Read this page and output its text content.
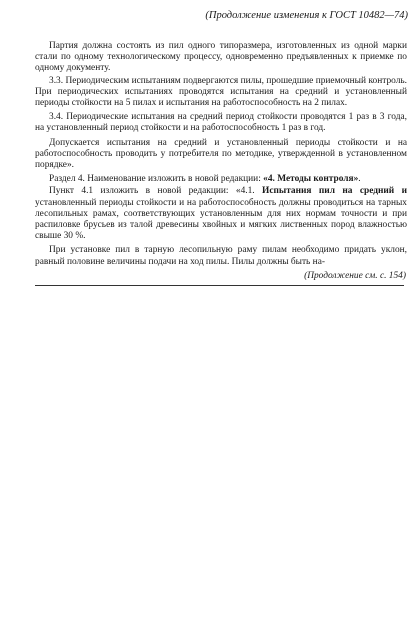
(Продолжение изменения к ГОСТ 10482—74)

Партия должна состоять из пил одного типоразмера, изготовленных из одной марки стали по одному технологическому процессу, одновременно предъявленных к приемке по одному документу.

3.3. Периодическим испытаниям подвергаются пилы, прошедшие приемочный контроль. При периодических испытаниях проводятся испытания на средний и установленный периоды стойкости на 5 пилах и испытания на работоспособность на 2 пилах.

3.4. Периодические испытания на средний период стойкости проводятся 1 раз в 3 года, на установленный период стойкости и на работоспособность 1 раз в год.

Допускается испытания на средний и установленный периоды стойкости и на работоспособность проводить у потребителя по методике, утвержденной в установленном порядке».

Раздел 4. Наименование изложить в новой редакции: «4. Методы контроля».

Пункт 4.1 изложить в новой редакции: «4.1. Испытания пил на средний и установленный периоды стойкости и на работоспособность должны проводиться на тарных лесопильных рамах, соответствующих установленным для них нормам точности и при распиловке брусьев из талой древесины хвойных и мягких лиственных пород влажностью свыше 30 %.

При установке пил в тарную лесопильную раму пилам необходимо придать уклон, равный половине величины подачи на ход пилы. Пилы должны быть на-

(Продолжение см. с. 154)
